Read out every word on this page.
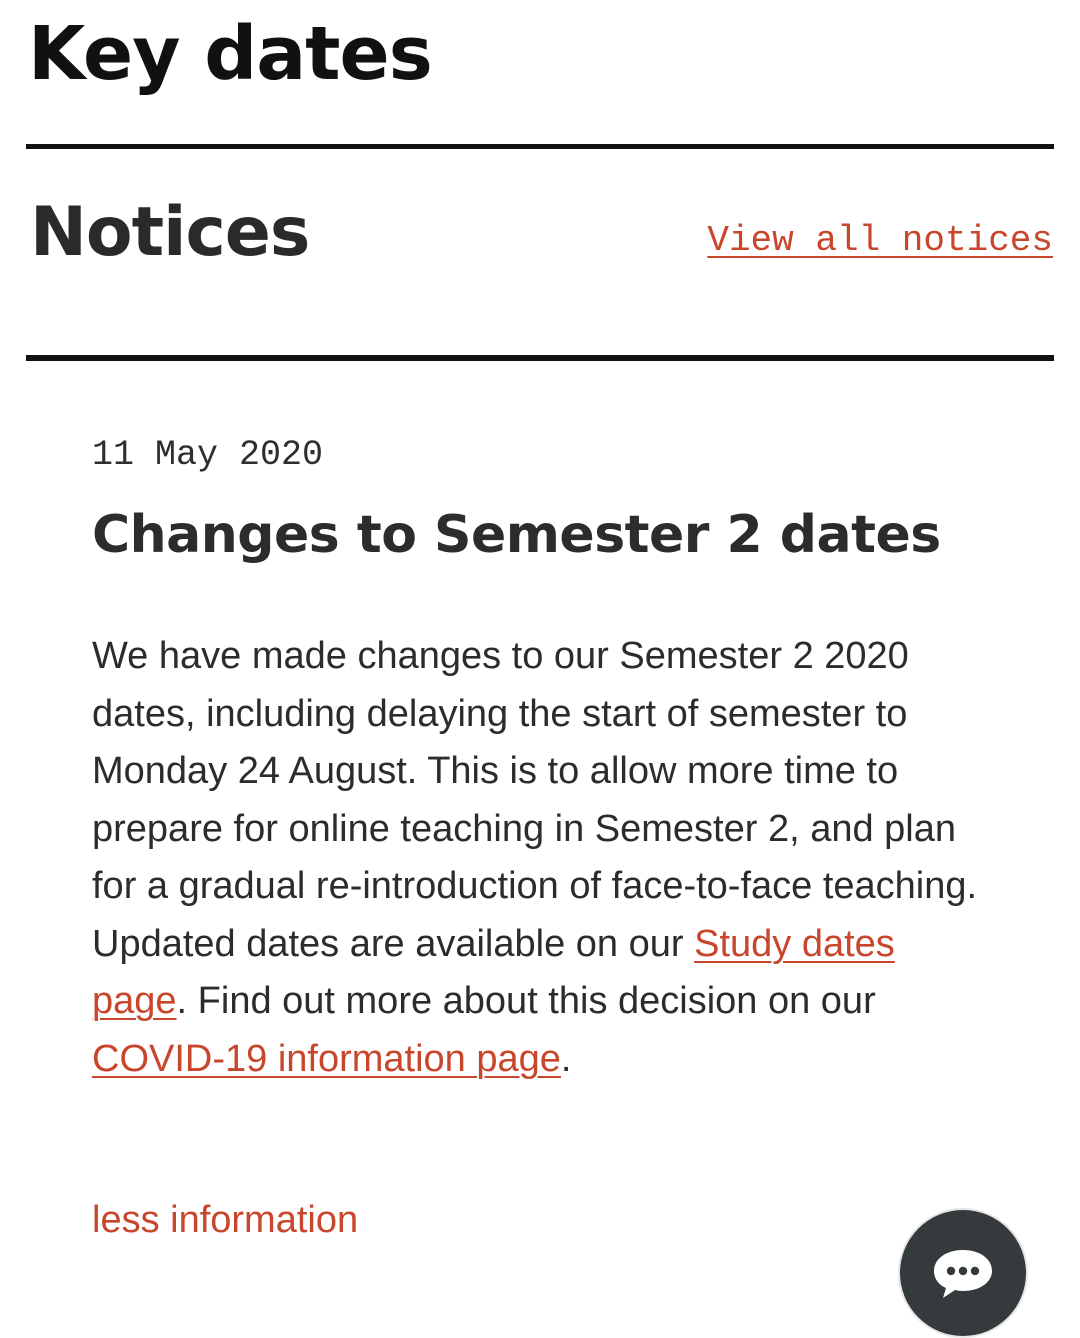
Key dates
Notices	View all notices

11 May 2020

Changes to Semester 2 dates

We have made changes to our Semester 2 2020 dates, including delaying the start of semester to Monday 24 August. This is to allow more time to prepare for online teaching in Semester 2, and plan for a gradual re-introduction of face-to-face teaching. Updated dates are available on our Study dates page. Find out more about this decision on our COVID-19 information page.

less information
